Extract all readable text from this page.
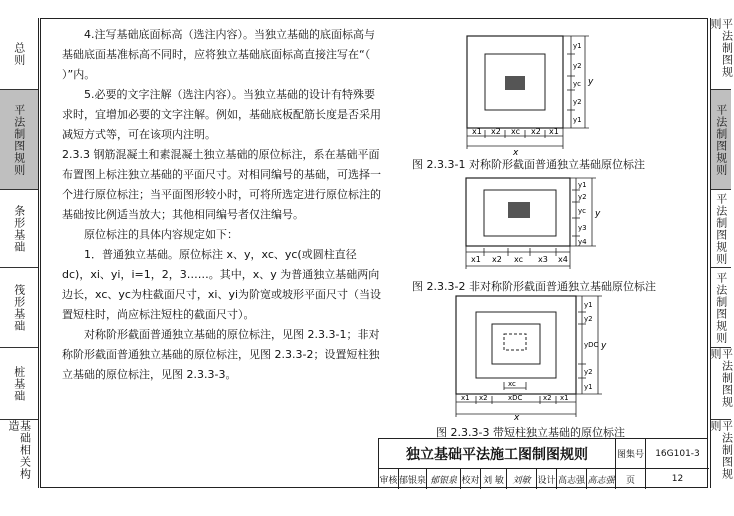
总则
平法制图规则
条形基础
筏形基础
桩基础
基础相关构造
平法制图规则
平法制图规则
平法制图规则
平法制图规则
平法制图规则
平法制图规则

4.注写基础底面标高（选注内容）。当独立基础的底面标高与基础底面基准标高不同时，应将独立基础底面标高直接注写在“（ ）”内。

5.必要的文字注解（选注内容）。当独立基础的设计有特殊要求时，宜增加必要的文字注解。例如，基础底板配筋长度是否采用减短方式等，可在该项内注明。

2.3.3 钢筋混凝土和素混凝土独立基础的原位标注，系在基础平面布置图上标注独立基础的平面尺寸。对相同编号的基础，可选择一个进行原位标注；当平面图形较小时，可将所选定进行原位标注的基础按比例适当放大；其他相同编号者仅注编号。

原位标注的具体内容规定如下：

1．普通独立基础。原位标注 x、y，xc、yc(或圆柱直径dc)，xi、yi，i=1，2，3……。其中，x、y 为普通独立基础两向边长，xc、yc为柱截面尺寸，xi、yi为阶宽或坡形平面尺寸（当设置短柱时，尚应标注短柱的截面尺寸）。

对称阶形截面普通独立基础的原位标注，见图 2.3.3-1；非对称阶形截面普通独立基础的原位标注，见图 2.3.3-2；设置短柱独立基础的原位标注，见图 2.3.3-3。

x1 x2 xc x2 x1
x
y
y1
y2
yc
y2
y1
图 2.3.3-1 对称阶形截面普通独立基础原位标注
x1 x2 xc x3 x4
y
y1
y2
yc
y3
y4
图 2.3.3-2 非对称阶形截面普通独立基础原位标注
xc
x1 x2	xDC	x2 x1
x
y
y1
y2
yDC
y2
y1
图 2.3.3-3 带短柱独立基础的原位标注
独立基础平法施工图制图规则	图集号	16G101-3
审核 郁银泉 郁银泉 校对 刘 敏 刘敏 设计 高志强 高志强	页	12
